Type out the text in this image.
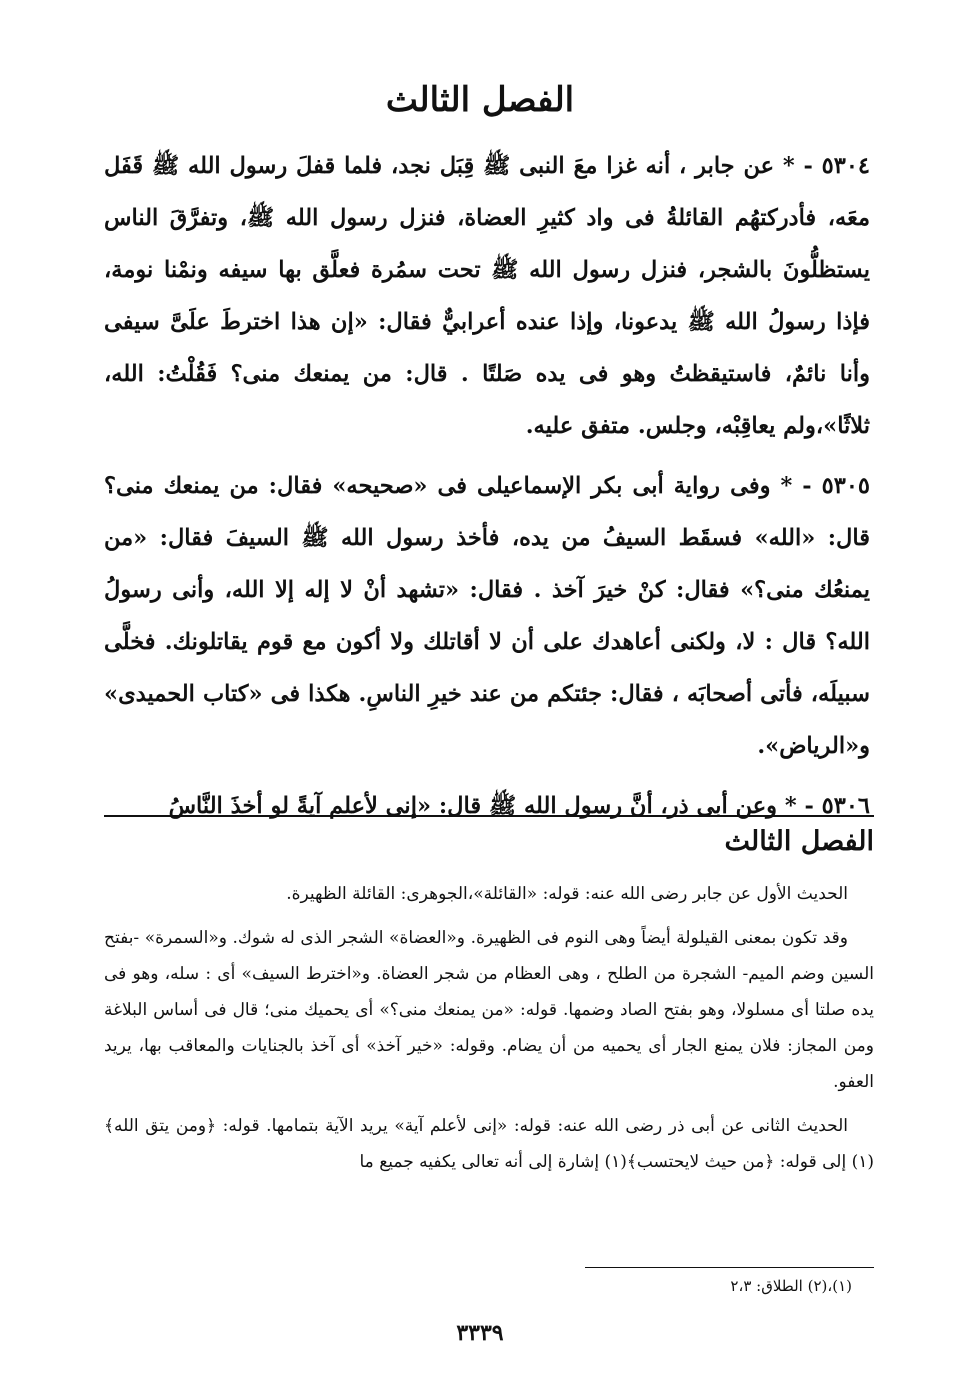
الفصل الثالث

٥٣٠٤ - * عن جابر ، أنه غزا معَ النبى ﷺ قِبَل نجد، فلما قفلَ رسول الله ﷺ قَفَل معَه، فأدركتهُم القائلةُ فى واد كثيرِ العضاة، فنزل رسول الله ﷺ، وتفرَّقَ الناس يستظلُّونَ بالشجر، فنزل رسول الله ﷺ تحت سمُرة فعلَّق بها سيفه ونمْنا نومة، فإذا رسولُ الله ﷺ يدعونا، وإذا عنده أعرابيٌّ فقال: «إن هذا اخترطَ علَىَّ سيفى وأنا نائمٌ، فاستيقظتُ وهو فى يده صَلتًا . قال: من يمنعك منى؟ فَقُلْتُ: الله، ثلاثًا»،ولم يعاقِبْه، وجلس. متفق عليه.

٥٣٠٥ - * وفى رواية أبى بكر الإسماعيلى فى «صحيحه» فقال: من يمنعك منى؟ قال: «الله» فسقَط السيفُ من يده، فأخذ رسول الله ﷺ السيفَ فقال: «من يمنعُك منى؟» فقال: كنْ خيرَ آخذ . فقال: «تشهد أنْ لا إله إلا الله، وأنى رسولُ الله؟ قال : لا، ولكنى أعاهدك على أن لا أقاتلك ولا أكون مع قوم يقاتلونك. فخلَّى سبيلَه، فأتى أصحابَه ، فقال: جئتكم من عند خيرِ الناسِ. هكذا فى «كتاب الحميدى» و«الرياض».

٥٣٠٦ - * وعن أبى ذر، أنَّ رسول الله ﷺ قال: «إنى لأعلم آيةً لو أخذَ النَّاسُ

الفصل الثالث

الحديث الأول عن جابر رضى الله عنه: قوله: «القائلة»،الجوهرى: القائلة الظهيرة.

وقد تكون بمعنى القيلولة أيضاً وهى النوم فى الظهيرة. و«العضاة» الشجر الذى له شوك. و«السمرة» -بفتح السين وضم الميم- الشجرة من الطلح ، وهى العظام من شجر العضاة. و«اخترط السيف» أى : سله، وهو فى يده صلتا أى مسلولا، وهو بفتح الصاد وضمها. قوله: «من يمنعك منى؟» أى يحميك منى؛ قال فى أساس البلاغة ومن المجاز: فلان يمنع الجار أى يحميه من أن يضام. وقوله: «خير آخذ» أى آخذ بالجنايات والمعاقب بها، يريد العفو.

الحديث الثانى عن أبى ذر رضى الله عنه: قوله: «إنى لأعلم آية» يريد الآية بتمامها. قوله: ﴿ومن يتق الله﴾(١) إلى قوله: ﴿من حيث لايحتسب﴾(١) إشارة إلى أنه تعالى يكفيه جميع ما

(١)،(٢) الطلاق: ٢،٣
٣٣٣٩
